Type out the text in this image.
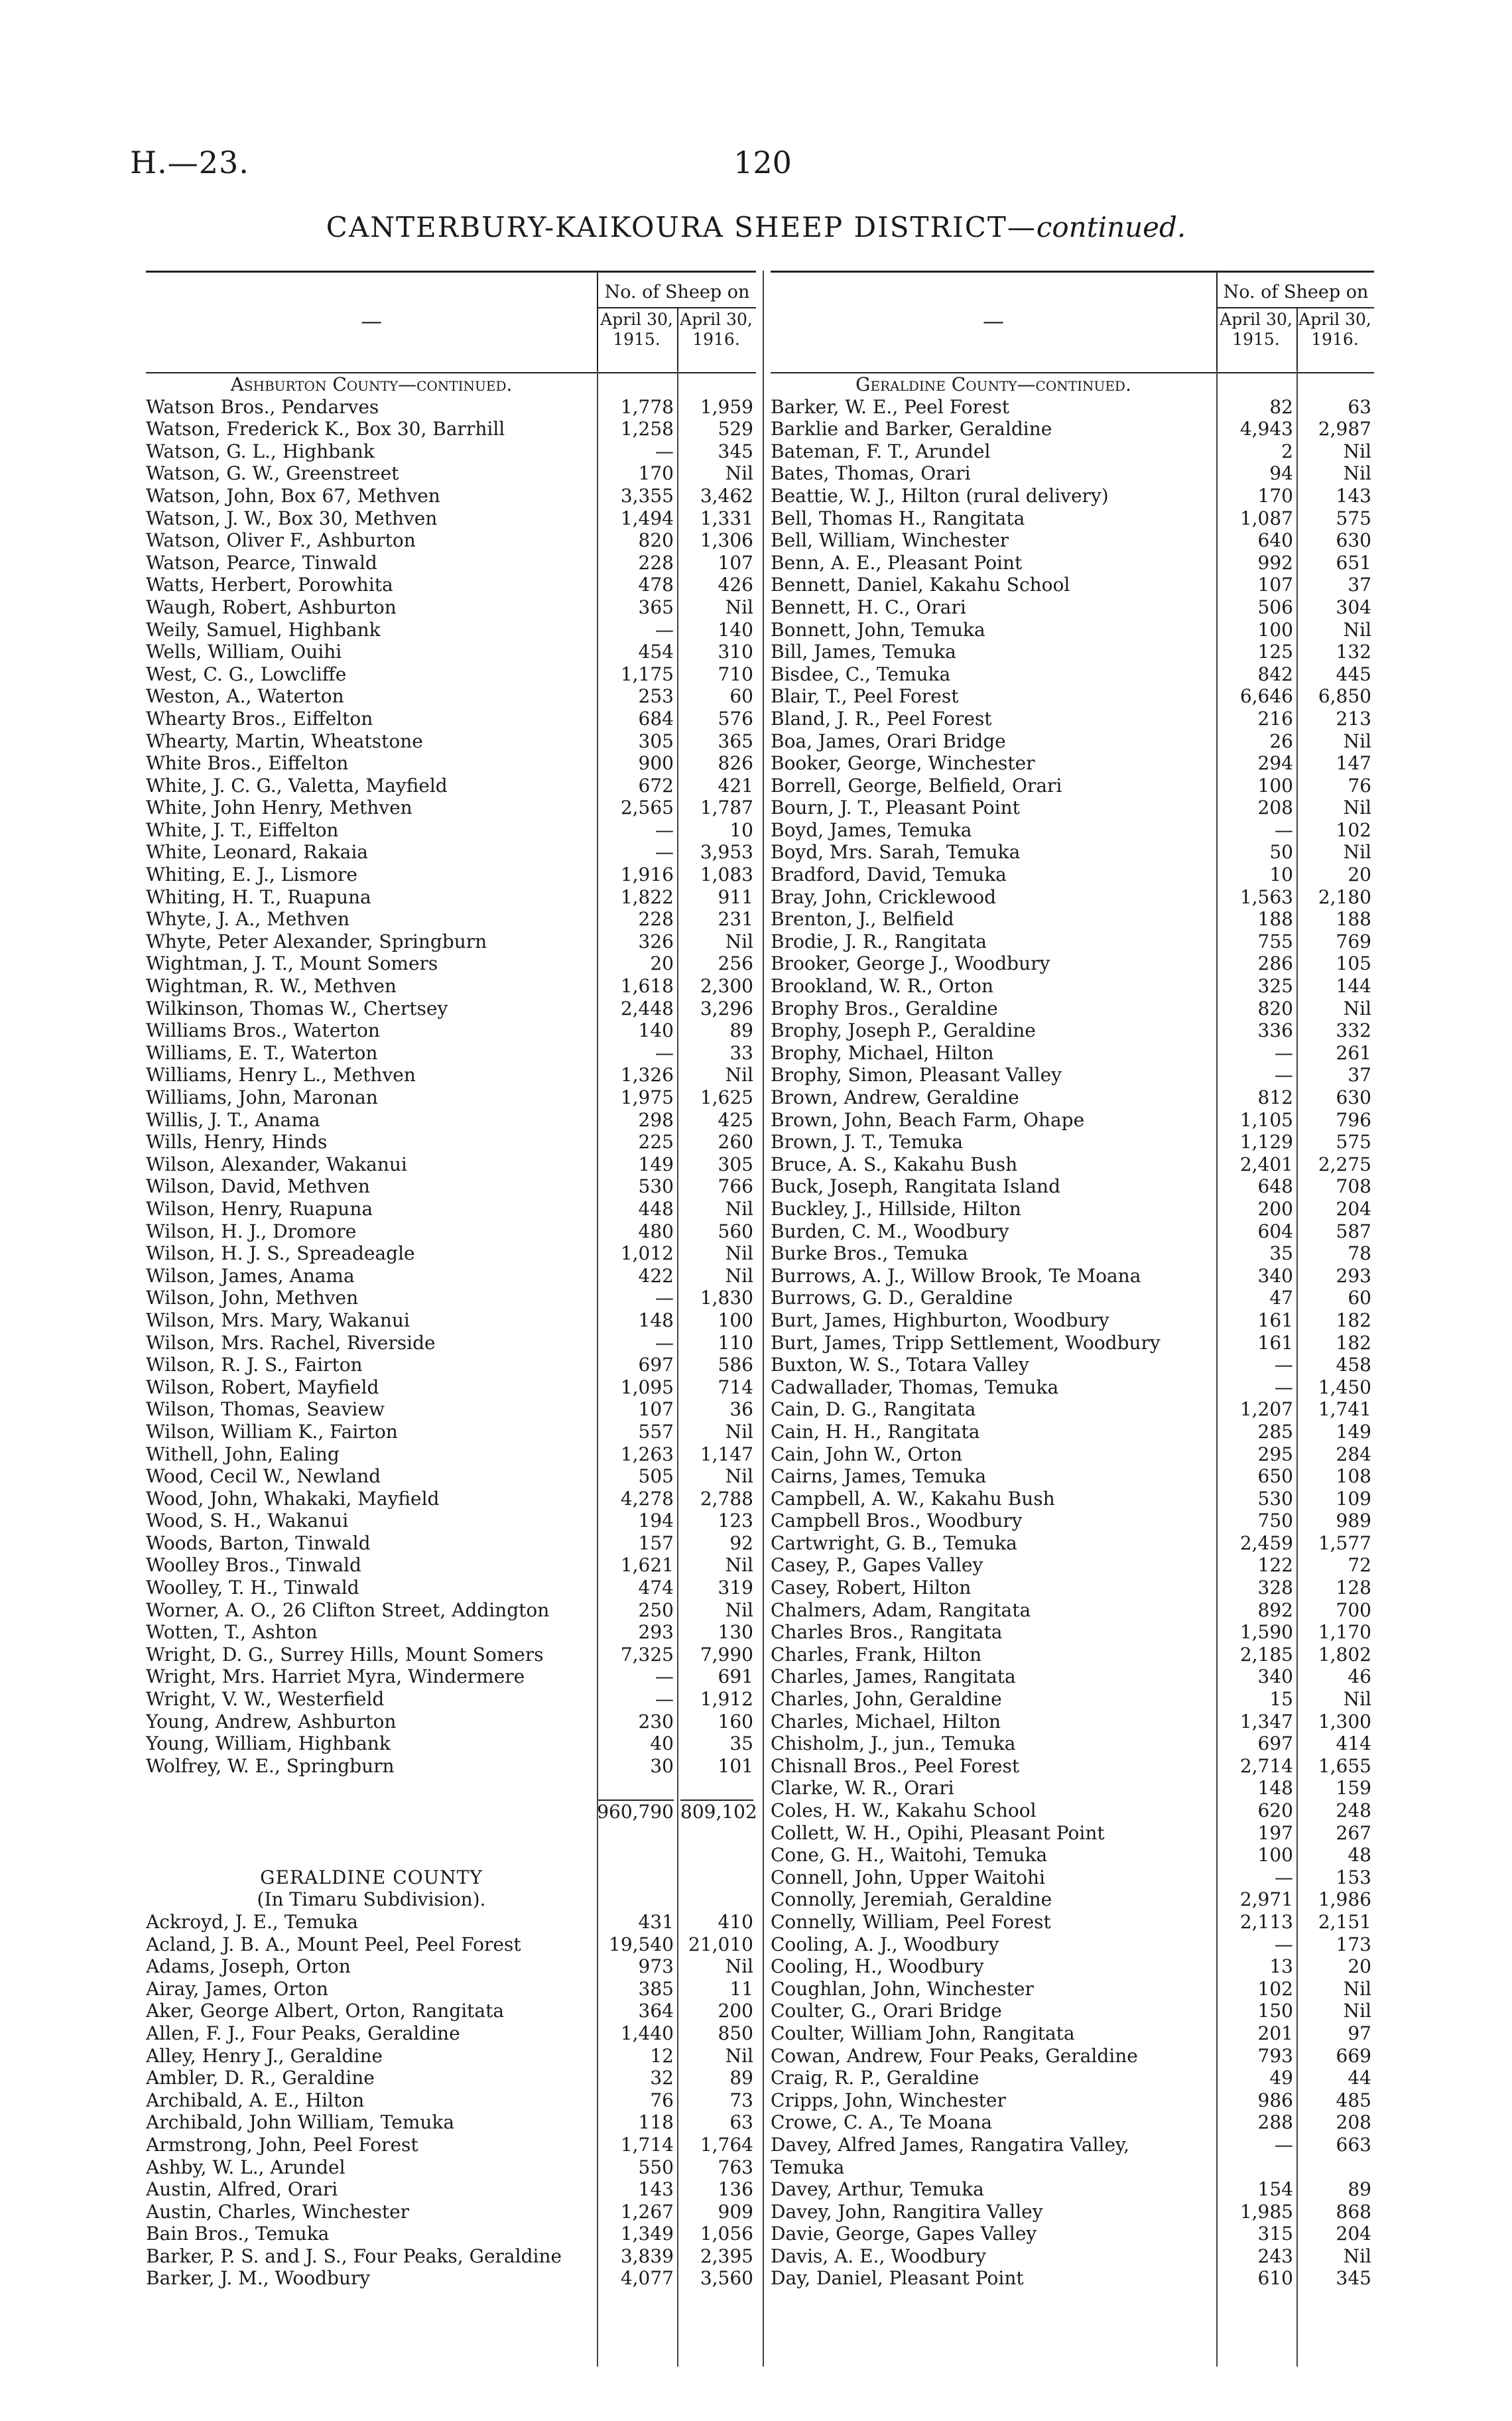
H.—23.	120
CANTERBURY-KAIKOURA SHEEP DISTRICT—continued.
—
No. of Sheep on
April 30,
1915.
April 30,
1916.
Ashburton County—continued.
Watson Bros., Pendarves	1,778	1,959
Watson, Frederick K., Box 30, Barrhill	1,258	529
Watson, G. L., Highbank	—	345
Watson, G. W., Greenstreet	170	Nil
Watson, John, Box 67, Methven	3,355	3,462
Watson, J. W., Box 30, Methven	1,494	1,331
Watson, Oliver F., Ashburton	820	1,306
Watson, Pearce, Tinwald	228	107
Watts, Herbert, Porowhita	478	426
Waugh, Robert, Ashburton	365	Nil
Weily, Samuel, Highbank	—	140
Wells, William, Ouihi	454	310
West, C. G., Lowcliffe	1,175	710
Weston, A., Waterton	253	60
Whearty Bros., Eiffelton	684	576
Whearty, Martin, Wheatstone	305	365
White Bros., Eiffelton	900	826
White, J. C. G., Valetta, Mayfield	672	421
White, John Henry, Methven	2,565	1,787
White, J. T., Eiffelton	—	10
White, Leonard, Rakaia	—	3,953
Whiting, E. J., Lismore	1,916	1,083
Whiting, H. T., Ruapuna	1,822	911
Whyte, J. A., Methven	228	231
Whyte, Peter Alexander, Springburn	326	Nil
Wightman, J. T., Mount Somers	20	256
Wightman, R. W., Methven	1,618	2,300
Wilkinson, Thomas W., Chertsey	2,448	3,296
Williams Bros., Waterton	140	89
Williams, E. T., Waterton	—	33
Williams, Henry L., Methven	1,326	Nil
Williams, John, Maronan	1,975	1,625
Willis, J. T., Anama	298	425
Wills, Henry, Hinds	225	260
Wilson, Alexander, Wakanui	149	305
Wilson, David, Methven	530	766
Wilson, Henry, Ruapuna	448	Nil
Wilson, H. J., Dromore	480	560
Wilson, H. J. S., Spreadeagle	1,012	Nil
Wilson, James, Anama	422	Nil
Wilson, John, Methven	—	1,830
Wilson, Mrs. Mary, Wakanui	148	100
Wilson, Mrs. Rachel, Riverside	—	110
Wilson, R. J. S., Fairton	697	586
Wilson, Robert, Mayfield	1,095	714
Wilson, Thomas, Seaview	107	36
Wilson, William K., Fairton	557	Nil
Withell, John, Ealing	1,263	1,147
Wood, Cecil W., Newland	505	Nil
Wood, John, Whakaki, Mayfield	4,278	2,788
Wood, S. H., Wakanui	194	123
Woods, Barton, Tinwald	157	92
Woolley Bros., Tinwald	1,621	Nil
Woolley, T. H., Tinwald	474	319
Worner, A. O., 26 Clifton Street, Addington	250	Nil
Wotten, T., Ashton	293	130
Wright, D. G., Surrey Hills, Mount Somers	7,325	7,990
Wright, Mrs. Harriet Myra, Windermere	—	691
Wright, V. W., Westerfield	—	1,912
Young, Andrew, Ashburton	230	160
Young, William, Highbank	40	35
Wolfrey, W. E., Springburn	30	101
960,790 809,102
GERALDINE COUNTY
(In Timaru Subdivision).
Ackroyd, J. E., Temuka	431	410
Acland, J. B. A., Mount Peel, Peel Forest	19,540 21,010
Adams, Joseph, Orton	973	Nil
Airay, James, Orton	385	11
Aker, George Albert, Orton, Rangitata	364	200
Allen, F. J., Four Peaks, Geraldine	1,440	850
Alley, Henry J., Geraldine	12	Nil
Ambler, D. R., Geraldine	32	89
Archibald, A. E., Hilton	76	73
Archibald, John William, Temuka	118	63
Armstrong, John, Peel Forest	1,714	1,764
Ashby, W. L., Arundel	550	763
Austin, Alfred, Orari	143	136
Austin, Charles, Winchester	1,267	909
Bain Bros., Temuka	1,349	1,056
Barker, P. S. and J. S., Four Peaks, Geraldine	3,839	2,395
Barker, J. M., Woodbury	4,077	3,560
—
No. of Sheep on
April 30,
1915.
April 30,
1916.
Geraldine County—continued.
Barker, W. E., Peel Forest	82	63
Barklie and Barker, Geraldine	4,943	2,987
Bateman, F. T., Arundel	2	Nil
Bates, Thomas, Orari	94	Nil
Beattie, W. J., Hilton (rural delivery)	170	143
Bell, Thomas H., Rangitata	1,087	575
Bell, William, Winchester	640	630
Benn, A. E., Pleasant Point	992	651
Bennett, Daniel, Kakahu School	107	37
Bennett, H. C., Orari	506	304
Bonnett, John, Temuka	100	Nil
Bill, James, Temuka	125	132
Bisdee, C., Temuka	842	445
Blair, T., Peel Forest	6,646	6,850
Bland, J. R., Peel Forest	216	213
Boa, James, Orari Bridge	26	Nil
Booker, George, Winchester	294	147
Borrell, George, Belfield, Orari	100	76
Bourn, J. T., Pleasant Point	208	Nil
Boyd, James, Temuka	—	102
Boyd, Mrs. Sarah, Temuka	50	Nil
Bradford, David, Temuka	10	20
Bray, John, Cricklewood	1,563	2,180
Brenton, J., Belfield	188	188
Brodie, J. R., Rangitata	755	769
Brooker, George J., Woodbury	286	105
Brookland, W. R., Orton	325	144
Brophy Bros., Geraldine	820	Nil
Brophy, Joseph P., Geraldine	336	332
Brophy, Michael, Hilton	—	261
Brophy, Simon, Pleasant Valley	—	37
Brown, Andrew, Geraldine	812	630
Brown, John, Beach Farm, Ohape	1,105	796
Brown, J. T., Temuka	1,129	575
Bruce, A. S., Kakahu Bush	2,401	2,275
Buck, Joseph, Rangitata Island	648	708
Buckley, J., Hillside, Hilton	200	204
Burden, C. M., Woodbury	604	587
Burke Bros., Temuka	35	78
Burrows, A. J., Willow Brook, Te Moana	340	293
Burrows, G. D., Geraldine	47	60
Burt, James, Highburton, Woodbury	161	182
Burt, James, Tripp Settlement, Woodbury	161	182
Buxton, W. S., Totara Valley	—	458
Cadwallader, Thomas, Temuka	—	1,450
Cain, D. G., Rangitata	1,207	1,741
Cain, H. H., Rangitata	285	149
Cain, John W., Orton	295	284
Cairns, James, Temuka	650	108
Campbell, A. W., Kakahu Bush	530	109
Campbell Bros., Woodbury	750	989
Cartwright, G. B., Temuka	2,459	1,577
Casey, P., Gapes Valley	122	72
Casey, Robert, Hilton	328	128
Chalmers, Adam, Rangitata	892	700
Charles Bros., Rangitata	1,590	1,170
Charles, Frank, Hilton	2,185	1,802
Charles, James, Rangitata	340	46
Charles, John, Geraldine	15	Nil
Charles, Michael, Hilton	1,347	1,300
Chisholm, J., jun., Temuka	697	414
Chisnall Bros., Peel Forest	2,714	1,655
Clarke, W. R., Orari	148	159
Coles, H. W., Kakahu School	620	248
Collett, W. H., Opihi, Pleasant Point	197	267
Cone, G. H., Waitohi, Temuka	100	48
Connell, John, Upper Waitohi	—	153
Connolly, Jeremiah, Geraldine	2,971	1,986
Connelly, William, Peel Forest	2,113	2,151
Cooling, A. J., Woodbury	—	173
Cooling, H., Woodbury	13	20
Coughlan, John, Winchester	102	Nil
Coulter, G., Orari Bridge	150	Nil
Coulter, William John, Rangitata	201	97
Cowan, Andrew, Four Peaks, Geraldine	793	669
Craig, R. P., Geraldine	49	44
Cripps, John, Winchester	986	485
Crowe, C. A., Te Moana	288	208
Davey, Alfred James, Rangatira Valley,	—	663
Temuka
Davey, Arthur, Temuka	154	89
Davey, John, Rangitira Valley	1,985	868
Davie, George, Gapes Valley	315	204
Davis, A. E., Woodbury	243	Nil
Day, Daniel, Pleasant Point	610	345
